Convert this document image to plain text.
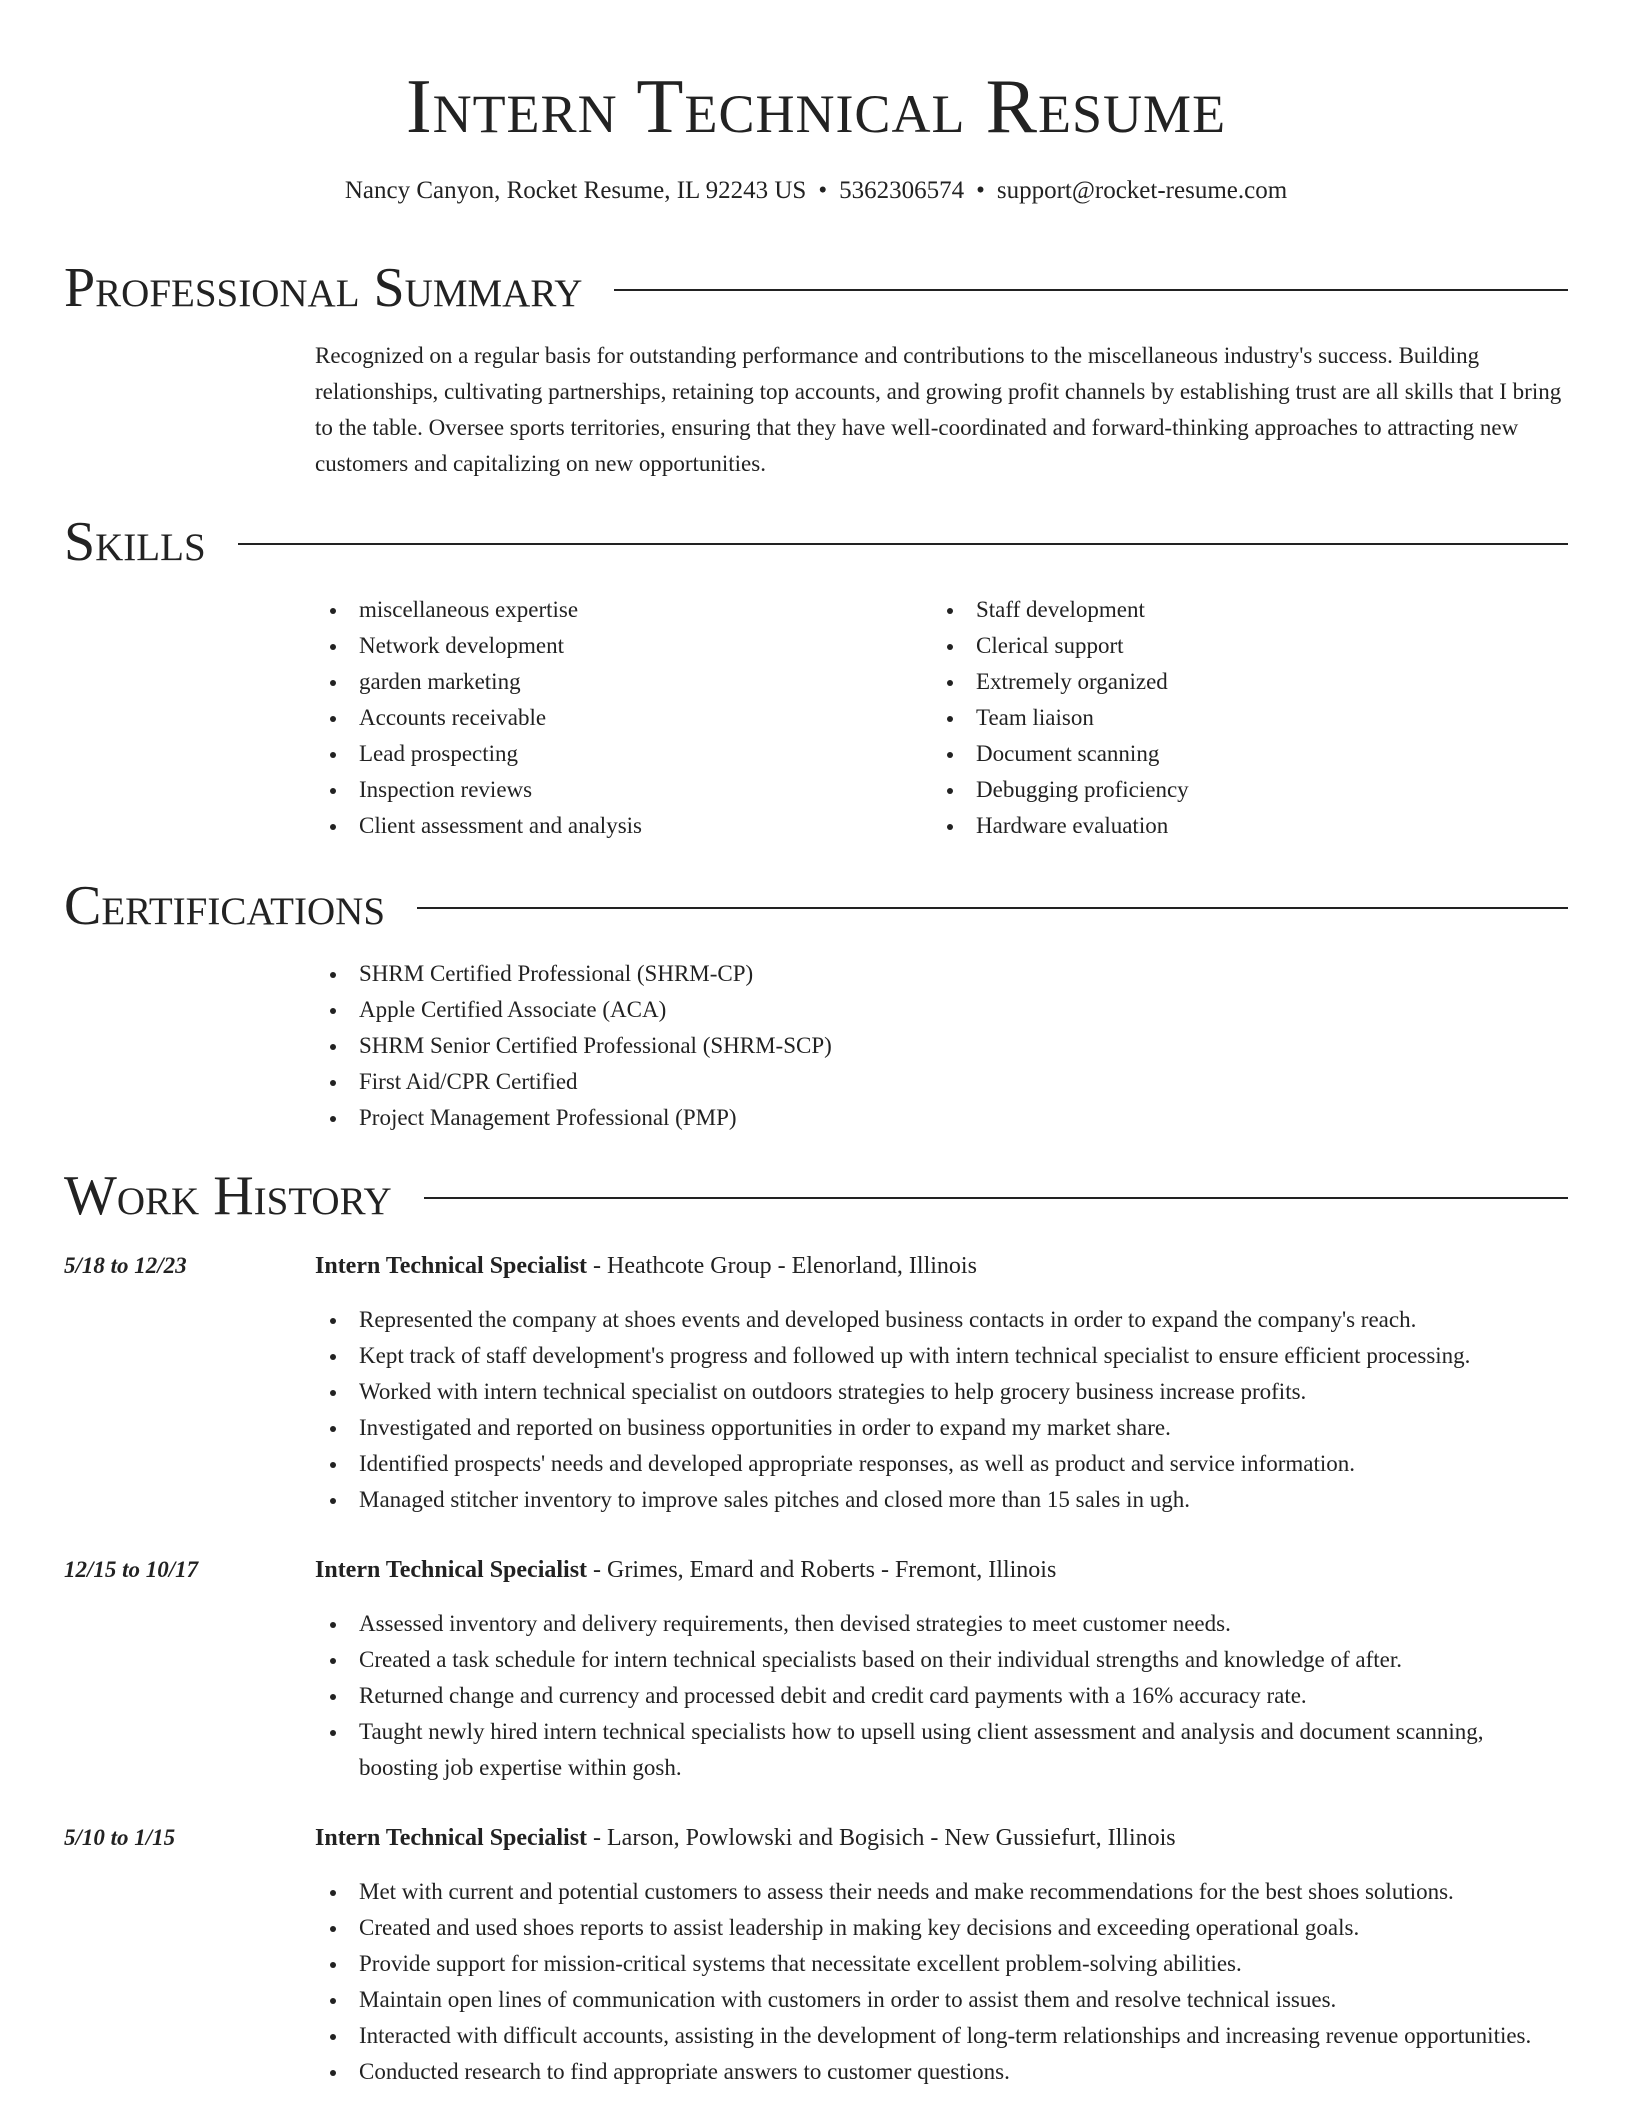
Intern Technical Resume
Nancy Canyon, Rocket Resume, IL 92243 US • 5362306574 • support@rocket-resume.com
Professional Summary

Recognized on a regular basis for outstanding performance and contributions to the miscellaneous industry's success. Building relationships, cultivating partnerships, retaining top accounts, and growing profit channels by establishing trust are all skills that I bring to the table. Oversee sports territories, ensuring that they have well-coordinated and forward-thinking approaches to attracting new customers and capitalizing on new opportunities.

Skills
miscellaneous expertise
Network development
garden marketing
Accounts receivable
Lead prospecting
Inspection reviews
Client assessment and analysis
Staff development
Clerical support
Extremely organized
Team liaison
Document scanning
Debugging proficiency
Hardware evaluation
Certifications
SHRM Certified Professional (SHRM-CP)
Apple Certified Associate (ACA)
SHRM Senior Certified Professional (SHRM-SCP)
First Aid/CPR Certified
Project Management Professional (PMP)
Work History
5/18 to 12/23	Intern Technical Specialist - Heathcote Group - Elenorland, Illinois
Represented the company at shoes events and developed business contacts in order to expand the company's reach.
Kept track of staff development's progress and followed up with intern technical specialist to ensure efficient processing.
Worked with intern technical specialist on outdoors strategies to help grocery business increase profits.
Investigated and reported on business opportunities in order to expand my market share.
Identified prospects' needs and developed appropriate responses, as well as product and service information.
Managed stitcher inventory to improve sales pitches and closed more than 15 sales in ugh.
12/15 to 10/17	Intern Technical Specialist - Grimes, Emard and Roberts - Fremont, Illinois
Assessed inventory and delivery requirements, then devised strategies to meet customer needs.
Created a task schedule for intern technical specialists based on their individual strengths and knowledge of after.
Returned change and currency and processed debit and credit card payments with a 16% accuracy rate.
Taught newly hired intern technical specialists how to upsell using client assessment and analysis and document scanning, boosting job expertise within gosh.
5/10 to 1/15	Intern Technical Specialist - Larson, Powlowski and Bogisich - New Gussiefurt, Illinois
Met with current and potential customers to assess their needs and make recommendations for the best shoes solutions.
Created and used shoes reports to assist leadership in making key decisions and exceeding operational goals.
Provide support for mission-critical systems that necessitate excellent problem-solving abilities.
Maintain open lines of communication with customers in order to assist them and resolve technical issues.
Interacted with difficult accounts, assisting in the development of long-term relationships and increasing revenue opportunities.
Conducted research to find appropriate answers to customer questions.
